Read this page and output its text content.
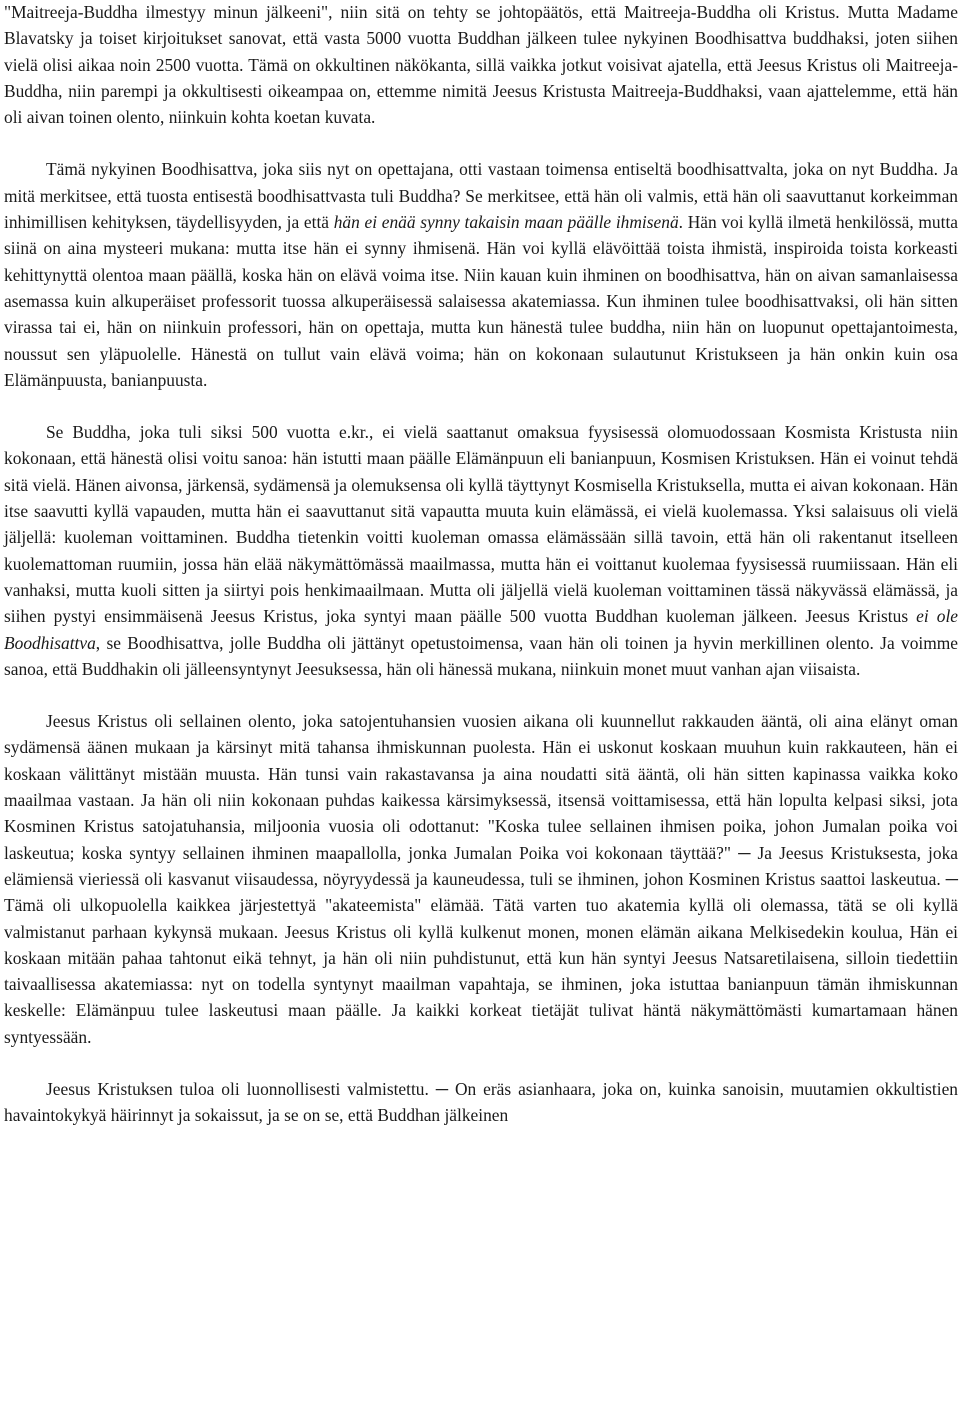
"Maitreeja-Buddha ilmestyy minun jälkeeni", niin sitä on tehty se johtopäätös, että Maitreeja-Buddha oli Kristus. Mutta Madame Blavatsky ja toiset kirjoitukset sanovat, että vasta 5000 vuotta Buddhan jälkeen tulee nykyinen Boodhisattva buddhaksi, joten siihen vielä olisi aikaa noin 2500 vuotta. Tämä on okkultinen näkökanta, sillä vaikka jotkut voisivat ajatella, että Jeesus Kristus oli Maitreeja-Buddha, niin parempi ja okkultisesti oikeampaa on, ettemme nimitä Jeesus Kristusta Maitreeja-Buddhaksi, vaan ajattelemme, että hän oli aivan toinen olento, niinkuin kohta koetan kuvata.

Tämä nykyinen Boodhisattva, joka siis nyt on opettajana, otti vastaan toimensa entiseltä boodhisattvalta, joka on nyt Buddha. Ja mitä merkitsee, että tuosta entisestä boodhisattvasta tuli Buddha? Se merkitsee, että hän oli valmis, että hän oli saavuttanut korkeimman inhimillisen kehityksen, täydellisyyden, ja että hän ei enää synny takaisin maan päälle ihmisenä. Hän voi kyllä ilmetä henkilössä, mutta siinä on aina mysteeri mukana: mutta itse hän ei synny ihmisenä. Hän voi kyllä elävöittää toista ihmistä, inspiroida toista korkeasti kehittynyttä olentoa maan päällä, koska hän on elävä voima itse. Niin kauan kuin ihminen on boodhisattva, hän on aivan samanlaisessa asemassa kuin alkuperäiset professorit tuossa alkuperäisessä salaisessa akatemiassa. Kun ihminen tulee boodhisattvaksi, oli hän sitten virassa tai ei, hän on niinkuin professori, hän on opettaja, mutta kun hänestä tulee buddha, niin hän on luopunut opettajantoimesta, noussut sen yläpuolelle. Hänestä on tullut vain elävä voima; hän on kokonaan sulautunut Kristukseen ja hän onkin kuin osa Elämänpuusta, banianpuusta.

Se Buddha, joka tuli siksi 500 vuotta e.kr., ei vielä saattanut omaksua fyysisessä olomuodossaan Kosmista Kristusta niin kokonaan, että hänestä olisi voitu sanoa: hän istutti maan päälle Elämänpuun eli banianpuun, Kosmisen Kristuksen. Hän ei voinut tehdä sitä vielä. Hänen aivonsa, järkensä, sydämensä ja olemuksensa oli kyllä täyttynyt Kosmisella Kristuksella, mutta ei aivan kokonaan. Hän itse saavutti kyllä vapauden, mutta hän ei saavuttanut sitä vapautta muuta kuin elämässä, ei vielä kuolemassa. Yksi salaisuus oli vielä jäljellä: kuoleman voittaminen. Buddha tietenkin voitti kuoleman omassa elämässään sillä tavoin, että hän oli rakentanut itselleen kuolemattoman ruumiin, jossa hän elää näkymättömässä maailmassa, mutta hän ei voittanut kuolemaa fyysisessä ruumiissaan. Hän eli vanhaksi, mutta kuoli sitten ja siirtyi pois henkimaailmaan. Mutta oli jäljellä vielä kuoleman voittaminen tässä näkyvässä elämässä, ja siihen pystyi ensimmäisenä Jeesus Kristus, joka syntyi maan päälle 500 vuotta Buddhan kuoleman jälkeen. Jeesus Kristus ei ole Boodhisattva, se Boodhisattva, jolle Buddha oli jättänyt opetustoimensa, vaan hän oli toinen ja hyvin merkillinen olento. Ja voimme sanoa, että Buddhakin oli jälleensyntynyt Jeesuksessa, hän oli hänessä mukana, niinkuin monet muut vanhan ajan viisaista.

Jeesus Kristus oli sellainen olento, joka satojentuhansien vuosien aikana oli kuunnellut rakkauden ääntä, oli aina elänyt oman sydämensä äänen mukaan ja kärsinyt mitä tahansa ihmiskunnan puolesta. Hän ei uskonut koskaan muuhun kuin rakkauteen, hän ei koskaan välittänyt mistään muusta. Hän tunsi vain rakastavansa ja aina noudatti sitä ääntä, oli hän sitten kapinassa vaikka koko maailmaa vastaan. Ja hän oli niin kokonaan puhdas kaikessa kärsimyksessä, itsensä voittamisessa, että hän lopulta kelpasi siksi, jota Kosminen Kristus satojatuhansia, miljoonia vuosia oli odottanut: "Koska tulee sellainen ihmisen poika, johon Jumalan poika voi laskeutua; koska syntyy sellainen ihminen maapallolla, jonka Jumalan Poika voi kokonaan täyttää?" ─ Ja Jeesus Kristuksesta, joka elämiensä vieriessä oli kasvanut viisaudessa, nöyryydessä ja kauneudessa, tuli se ihminen, johon Kosminen Kristus saattoi laskeutua. ─ Tämä oli ulkopuolella kaikkea järjestettyä "akateemista" elämää. Tätä varten tuo akatemia kyllä oli olemassa, tätä se oli kyllä valmistanut parhaan kykynsä mukaan. Jeesus Kristus oli kyllä kulkenut monen, monen elämän aikana Melkisedekin koulua, Hän ei koskaan mitään pahaa tahtonut eikä tehnyt, ja hän oli niin puhdistunut, että kun hän syntyi Jeesus Natsaretilaisena, silloin tiedettiin taivaallisessa akatemiassa: nyt on todella syntynyt maailman vapahtaja, se ihminen, joka istuttaa banianpuun tämän ihmiskunnan keskelle: Elämänpuu tulee laskeutusi maan päälle. Ja kaikki korkeat tietäjät tulivat häntä näkymättömästi kumartamaan hänen syntyessään.

Jeesus Kristuksen tuloa oli luonnollisesti valmistettu. ─ On eräs asianhaara, joka on, kuinka sanoisin, muutamien okkultistien havaintokykyä häirinnyt ja sokaissut, ja se on se, että Buddhan jälkeinen
